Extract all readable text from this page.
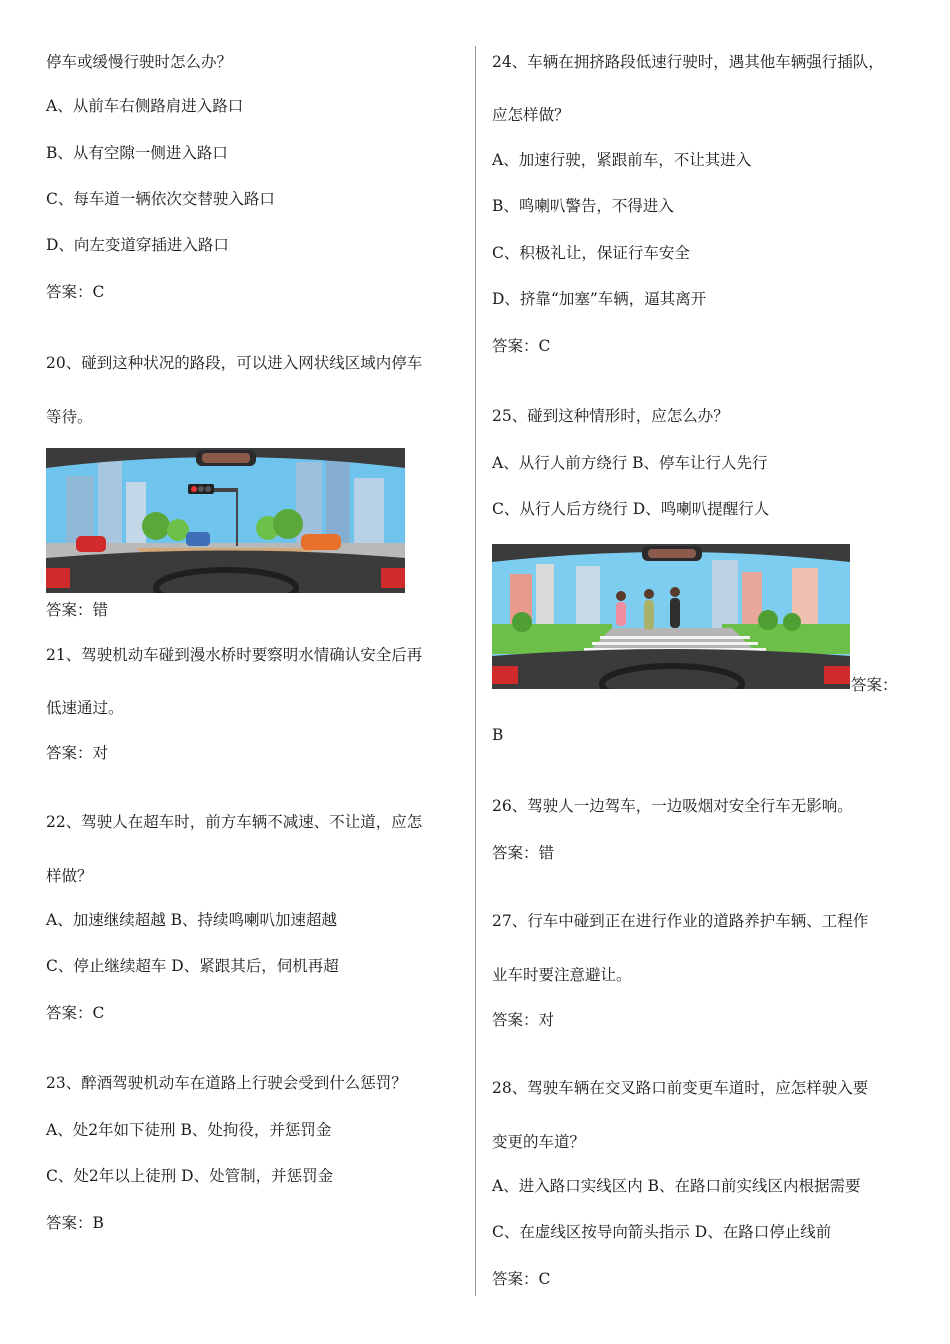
停车或缓慢行驶时怎么办？
A、从前车右侧路肩进入路口
B、从有空隙一侧进入路口
C、每车道一辆依次交替驶入路口
D、向左变道穿插进入路口
答案：C
20、碰到这种状况的路段，可以进入网状线区域内停车
等待。
答案：错
21、驾驶机动车碰到漫水桥时要察明水情确认安全后再
低速通过。
答案：对
22、驾驶人在超车时，前方车辆不减速、不让道，应怎
样做？
A、加速继续超越 B、持续鸣喇叭加速超越
C、停止继续超车 D、紧跟其后，伺机再超
答案：C
23、醉酒驾驶机动车在道路上行驶会受到什么惩罚？
A、处2年如下徒刑 B、处拘役，并惩罚金
C、处2年以上徒刑 D、处管制，并惩罚金
答案：B
24、车辆在拥挤路段低速行驶时，遇其他车辆强行插队，
应怎样做？
A、加速行驶，紧跟前车，不让其进入
B、鸣喇叭警告，不得进入
C、积极礼让，保证行车安全
D、挤靠“加塞”车辆，逼其离开
答案：C
25、碰到这种情形时，应怎么办？
A、从行人前方绕行 B、停车让行人先行
C、从行人后方绕行 D、鸣喇叭提醒行人
答案：
B
26、驾驶人一边驾车，一边吸烟对安全行车无影响。
答案：错
27、行车中碰到正在进行作业的道路养护车辆、工程作
业车时要注意避让。
答案：对
28、驾驶车辆在交叉路口前变更车道时，应怎样驶入要
变更的车道？
A、进入路口实线区内 B、在路口前实线区内根据需要
C、在虚线区按导向箭头指示 D、在路口停止线前
答案：C
